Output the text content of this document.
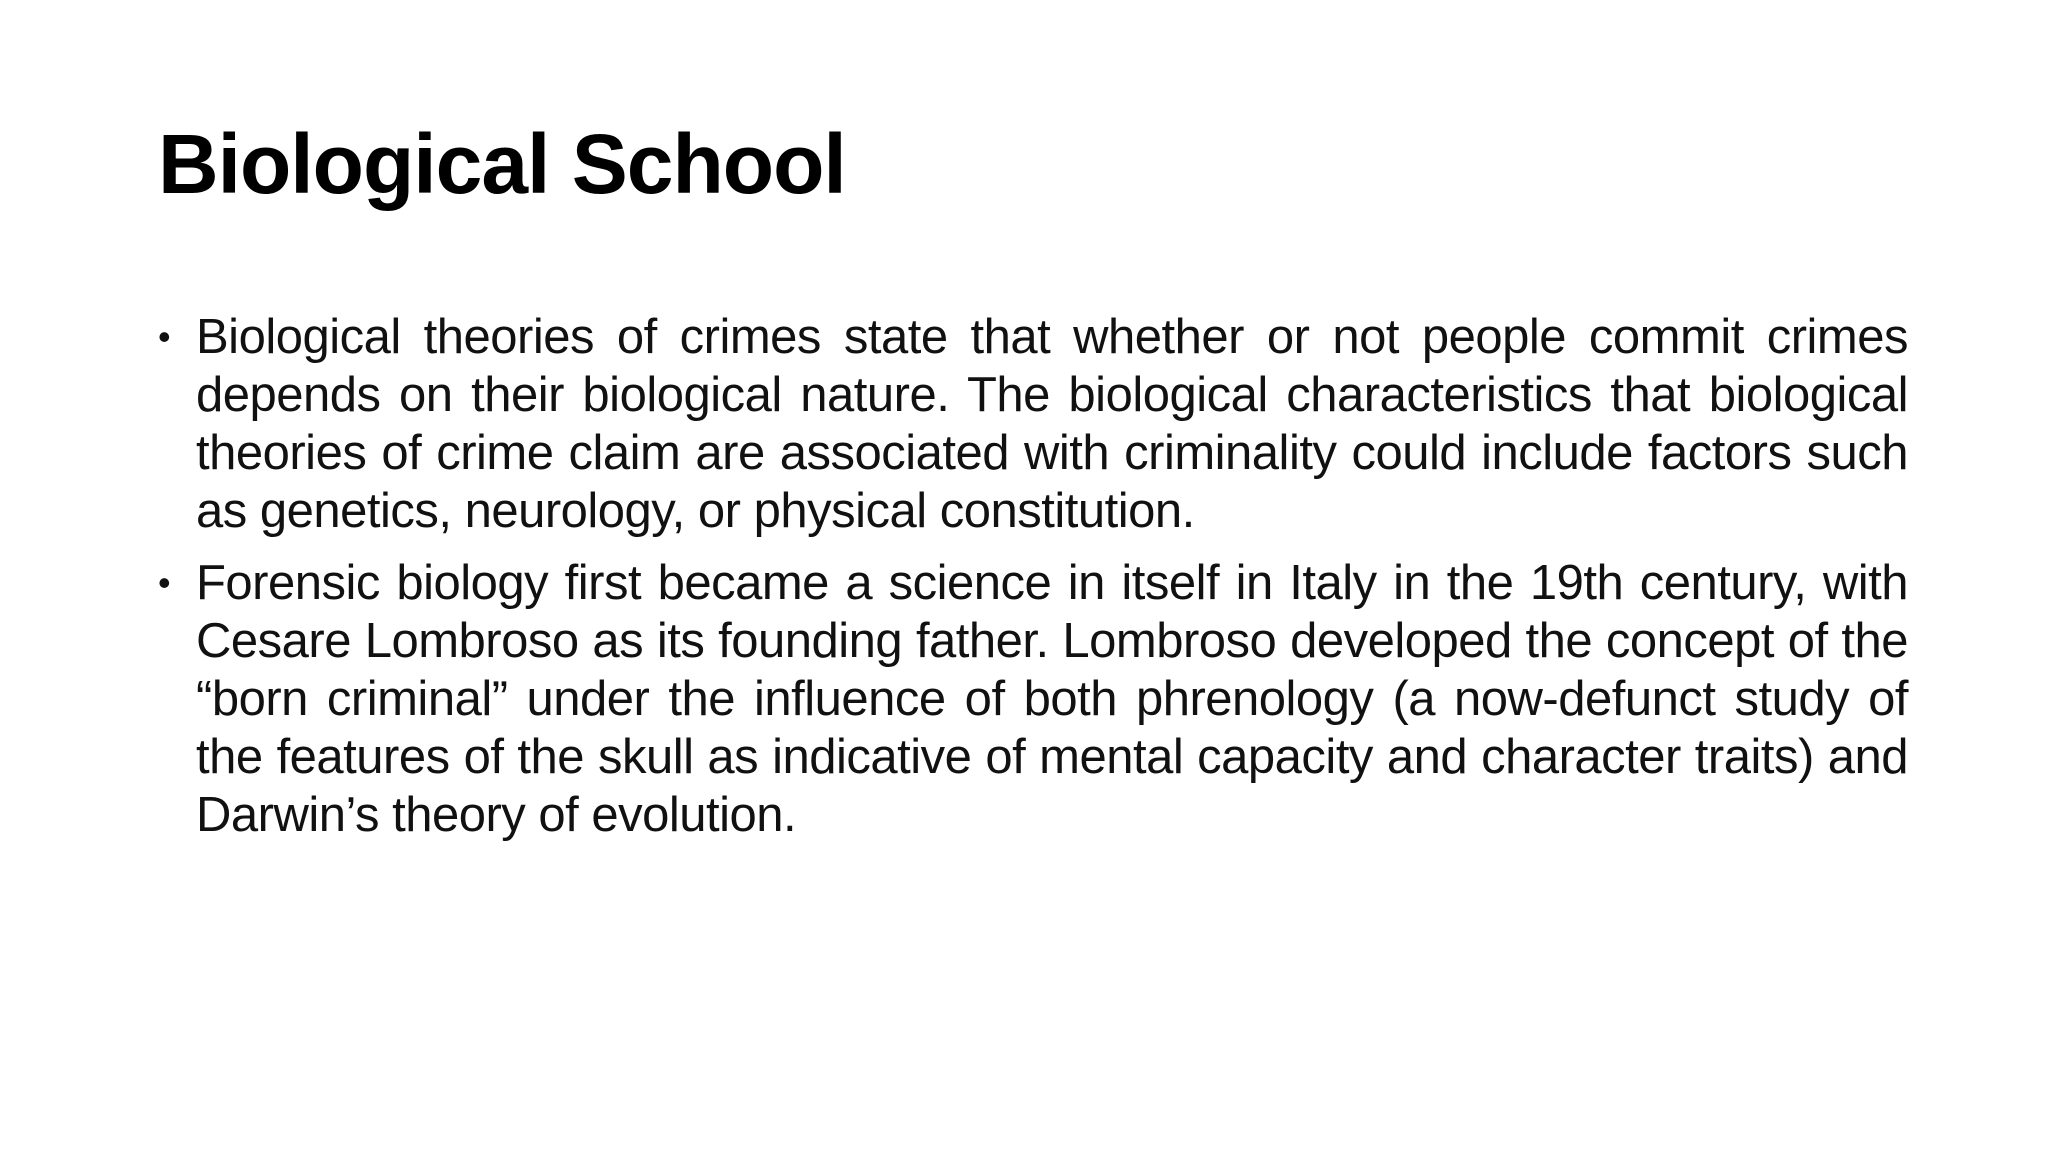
Biological School
• Biological theories of crimes state that whether or not people commit crimes depends on their biological nature. The biological characteristics that biological theories of crime claim are associated with criminality could include factors such as genetics, neurology, or physical constitution.
• Forensic biology first became a science in itself in Italy in the 19th century, with Cesare Lombroso as its founding father. Lombroso developed the concept of the “born criminal” under the influence of both phrenology (a now-defunct study of the features of the skull as indicative of mental capacity and character traits) and Darwin’s theory of evolution.
